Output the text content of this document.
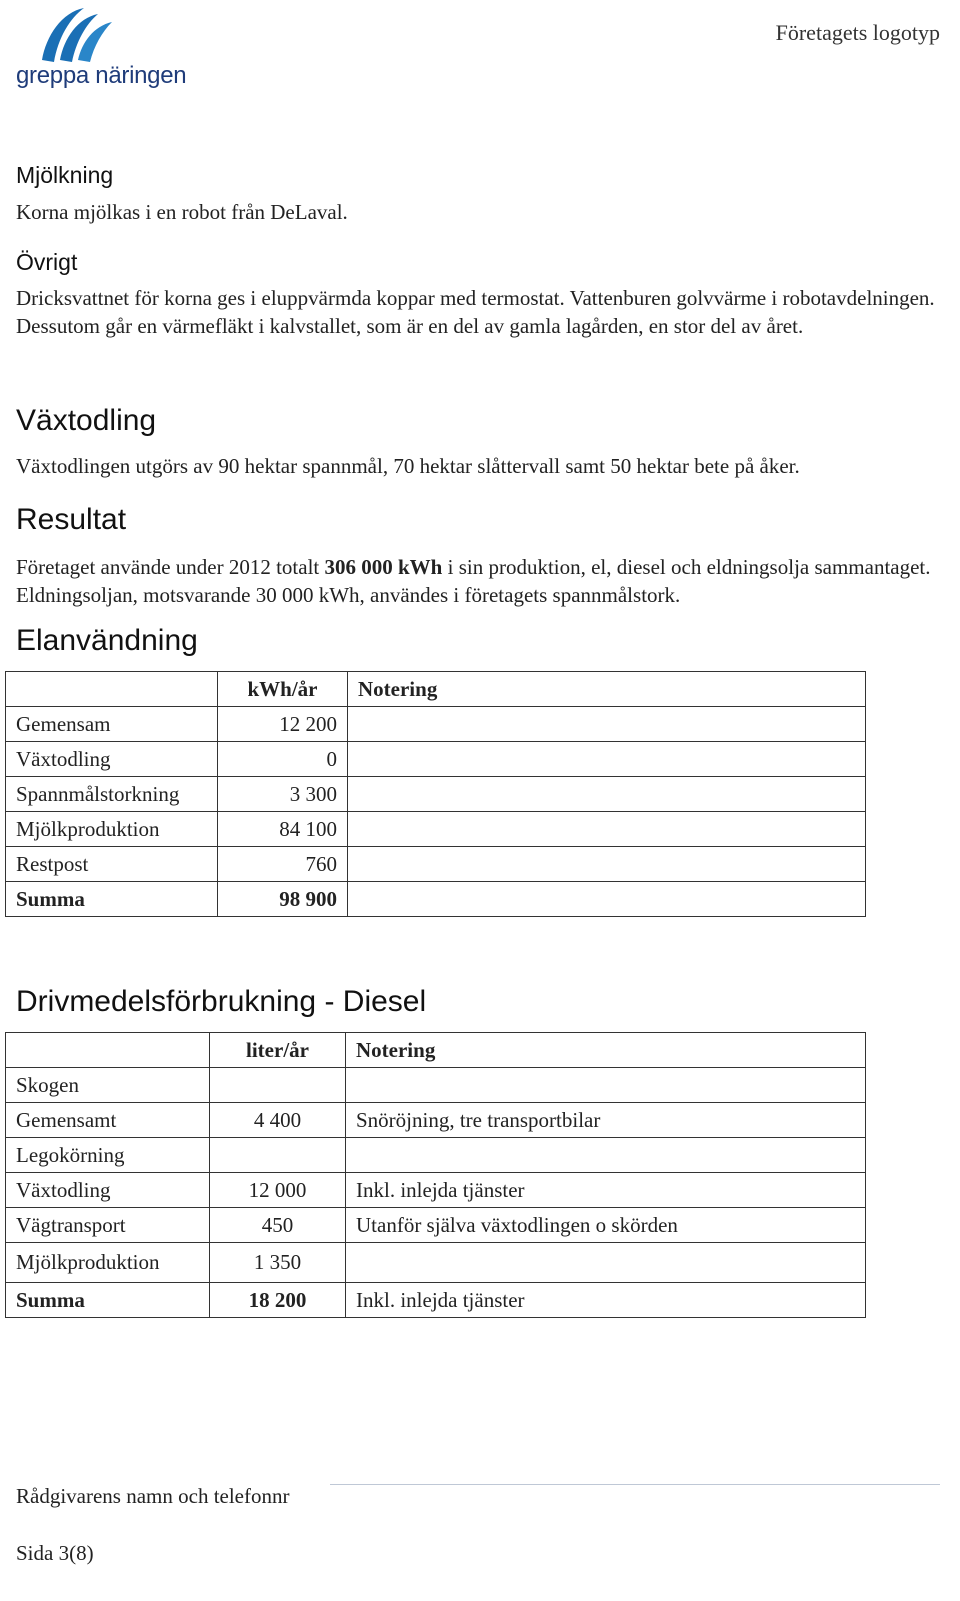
greppa näringen
Företagets logotyp
Mjölkning

Korna mjölkas i en robot från DeLaval.

Övrigt

Dricksvattnet för korna ges i eluppvärmda koppar med termostat. Vattenburen golvvärme i robotavdelningen. Dessutom går en värmefläkt i kalvstallet, som är en del av gamla lagården, en stor del av året.

Växtodling

Växtodlingen utgörs av 90 hektar spannmål, 70 hektar slåttervall samt 50 hektar bete på åker.

Resultat

Företaget använde under 2012 totalt 306 000 kWh i sin produktion, el, diesel och eldningsolja sammantaget. Eldningsoljan, motsvarande 30 000 kWh, användes i företagets spannmålstork.

Elanvändning
	kWh/år	Notering
Gemensam	12 200	
Växtodling	0	
Spannmålstorkning	3 300	
Mjölkproduktion	84 100	
Restpost	760	
Summa	98 900	
Drivmedelsförbrukning - Diesel
	liter/år	Notering
Skogen		
Gemensamt	4 400	Snöröjning, tre transportbilar
Legokörning		
Växtodling	12 000	Inkl. inlejda tjänster
Vägtransport	450	Utanför själva växtodlingen o skörden
Mjölkproduktion	1 350	
Summa	18 200	Inkl. inlejda tjänster
Rådgivarens namn och telefonnr
Sida 3(8)
